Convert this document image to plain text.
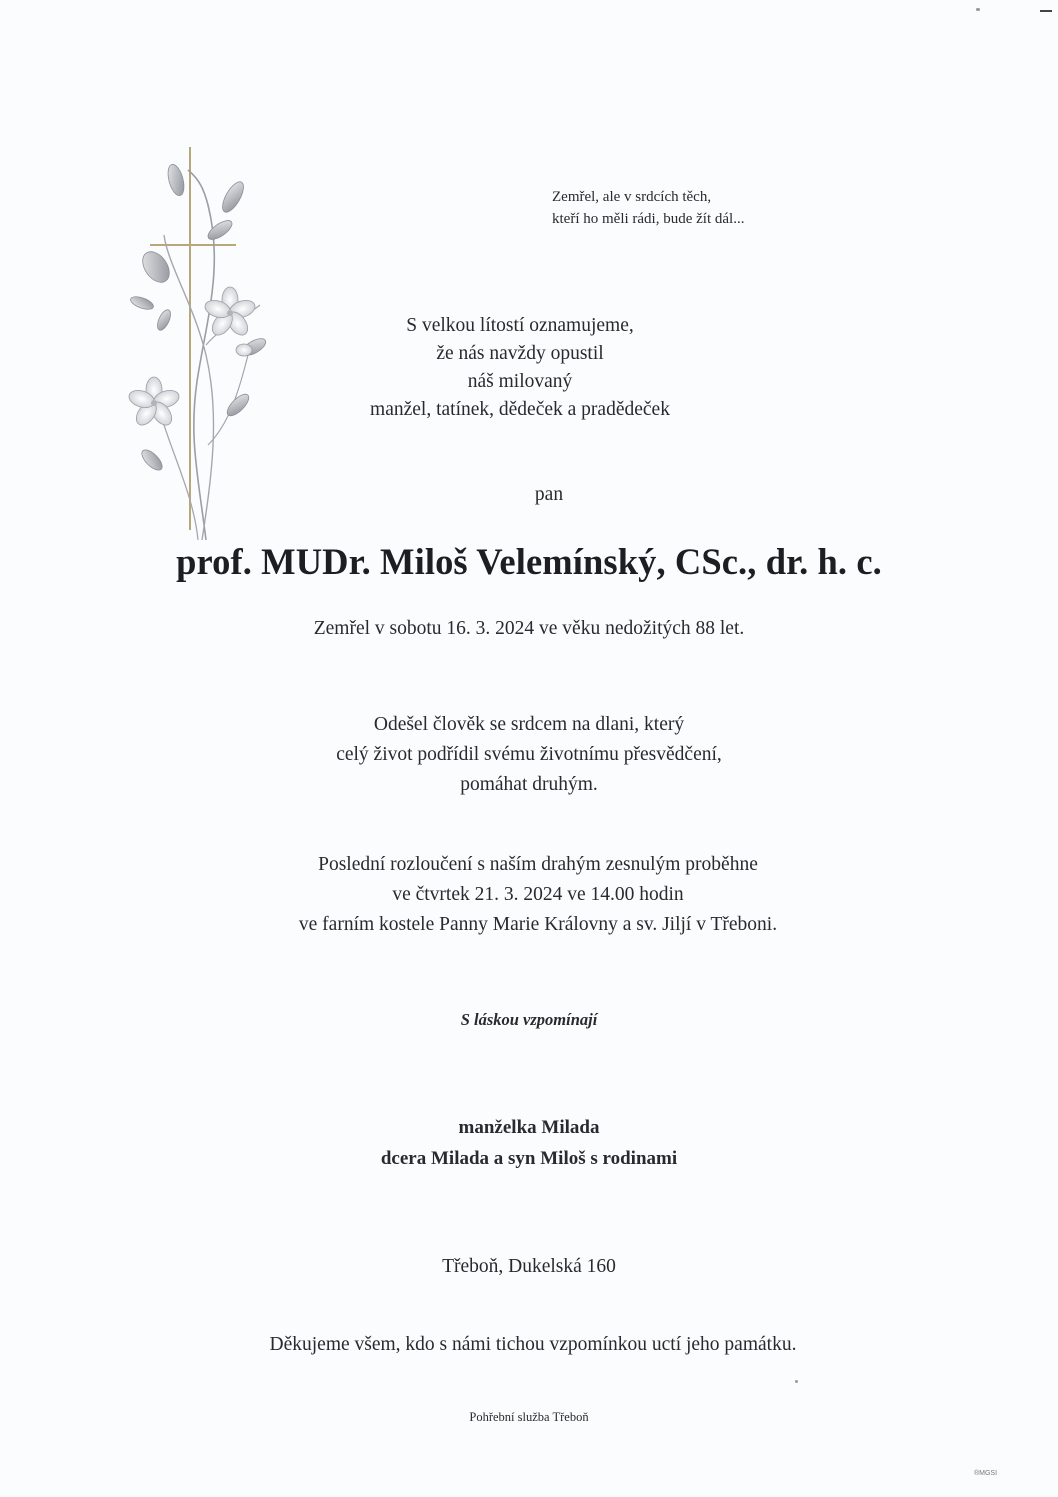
Zemřel, ale v srdcích těch,
kteří ho měli rádi, bude žít dál...

S velkou lítostí oznamujeme,
že nás navždy opustil
náš milovaný
manžel, tatínek, dědeček a pradědeček

pan

prof. MUDr. Miloš Velemínský, CSc., dr. h. c.

Zemřel v sobotu 16. 3. 2024 ve věku nedožitých 88 let.

Odešel člověk se srdcem na dlani, který
celý život podřídil svému životnímu přesvědčení,
pomáhat druhým.

Poslední rozloučení s naším drahým zesnulým proběhne
ve čtvrtek 21. 3. 2024 ve 14.00 hodin
ve farním kostele Panny Marie Královny a sv. Jiljí v Třeboni.

S láskou vzpomínají

manželka Milada
dcera Milada a syn Miloš s rodinami

Třeboň, Dukelská 160

Děkujeme všem, kdo s námi tichou vzpomínkou uctí jeho památku.

Pohřební služba Třeboň

®MGSI
